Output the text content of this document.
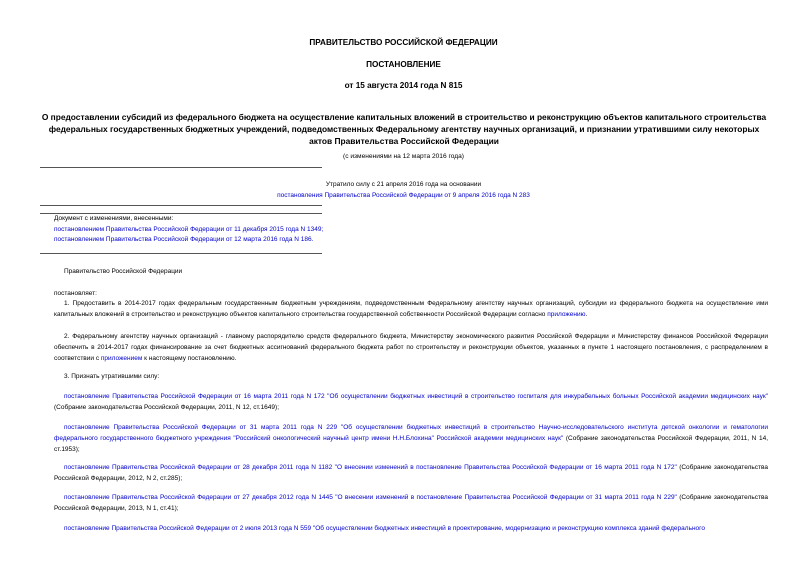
ПРАВИТЕЛЬСТВО РОССИЙСКОЙ ФЕДЕРАЦИИ
ПОСТАНОВЛЕНИЕ
от 15 августа 2014 года N 815
О предоставлении субсидий из федерального бюджета на осуществление капитальных вложений в строительство и реконструкцию объектов капитального строительства федеральных государственных бюджетных учреждений, подведомственных Федеральному агентству научных организаций, и признании утратившими силу некоторых актов Правительства Российской Федерации
(с изменениями на 12 марта 2016 года)
Утратило силу с 21 апреля 2016 года на основании
постановления Правительства Российской Федерации от 9 апреля 2016 года N 283
Документ с изменениями, внесенными:
постановлением Правительства Российской Федерации от 11 декабря 2015 года N 1349;
постановлением Правительства Российской Федерации от 12 марта 2016 года N 186.
Правительство Российской Федерации
постановляет:
1. Предоставить в 2014-2017 годах федеральным государственным бюджетным учреждениям, подведомственным Федеральному агентству научных организаций, субсидии из федерального бюджета на осуществление ими капитальных вложений в строительство и реконструкцию объектов капитального строительства государственной собственности Российской Федерации согласно приложению.
2. Федеральному агентству научных организаций - главному распорядителю средств федерального бюджета, Министерству экономического развития Российской Федерации и Министерству финансов Российской Федерации обеспечить в 2014-2017 годах финансирование за счет бюджетных ассигнований федерального бюджета работ по строительству и реконструкции объектов, указанных в пункте 1 настоящего постановления, с распределением в соответствии с приложением к настоящему постановлению.
3. Признать утратившими силу:
постановление Правительства Российской Федерации от 16 марта 2011 года N 172 "Об осуществлении бюджетных инвестиций в строительство госпиталя для инкурабельных больных Российской академии медицинских наук" (Собрание законодательства Российской Федерации, 2011, N 12, ст.1649);
постановление Правительства Российской Федерации от 31 марта 2011 года N 229 "Об осуществлении бюджетных инвестиций в строительство Научно-исследовательского института детской онкологии и гематологии федерального государственного бюджетного учреждения "Российский онкологический научный центр имени Н.Н.Блохина" Российской академии медицинских наук" (Собрание законодательства Российской Федерации, 2011, N 14, ст.1953);
постановление Правительства Российской Федерации от 28 декабря 2011 года N 1182 "О внесении изменений в постановление Правительства Российской Федерации от 16 марта 2011 года N 172" (Собрание законодательства Российской Федерации, 2012, N 2, ст.285);
постановление Правительства Российской Федерации от 27 декабря 2012 года N 1445 "О внесении изменений в постановление Правительства Российской Федерации от 31 марта 2011 года N 229" (Собрание законодательства Российской Федерации, 2013, N 1, ст.41);
постановление Правительства Российской Федерации от 2 июля 2013 года N 559 "Об осуществлении бюджетных инвестиций в проектирование, модернизацию и реконструкцию комплекса зданий федерального
